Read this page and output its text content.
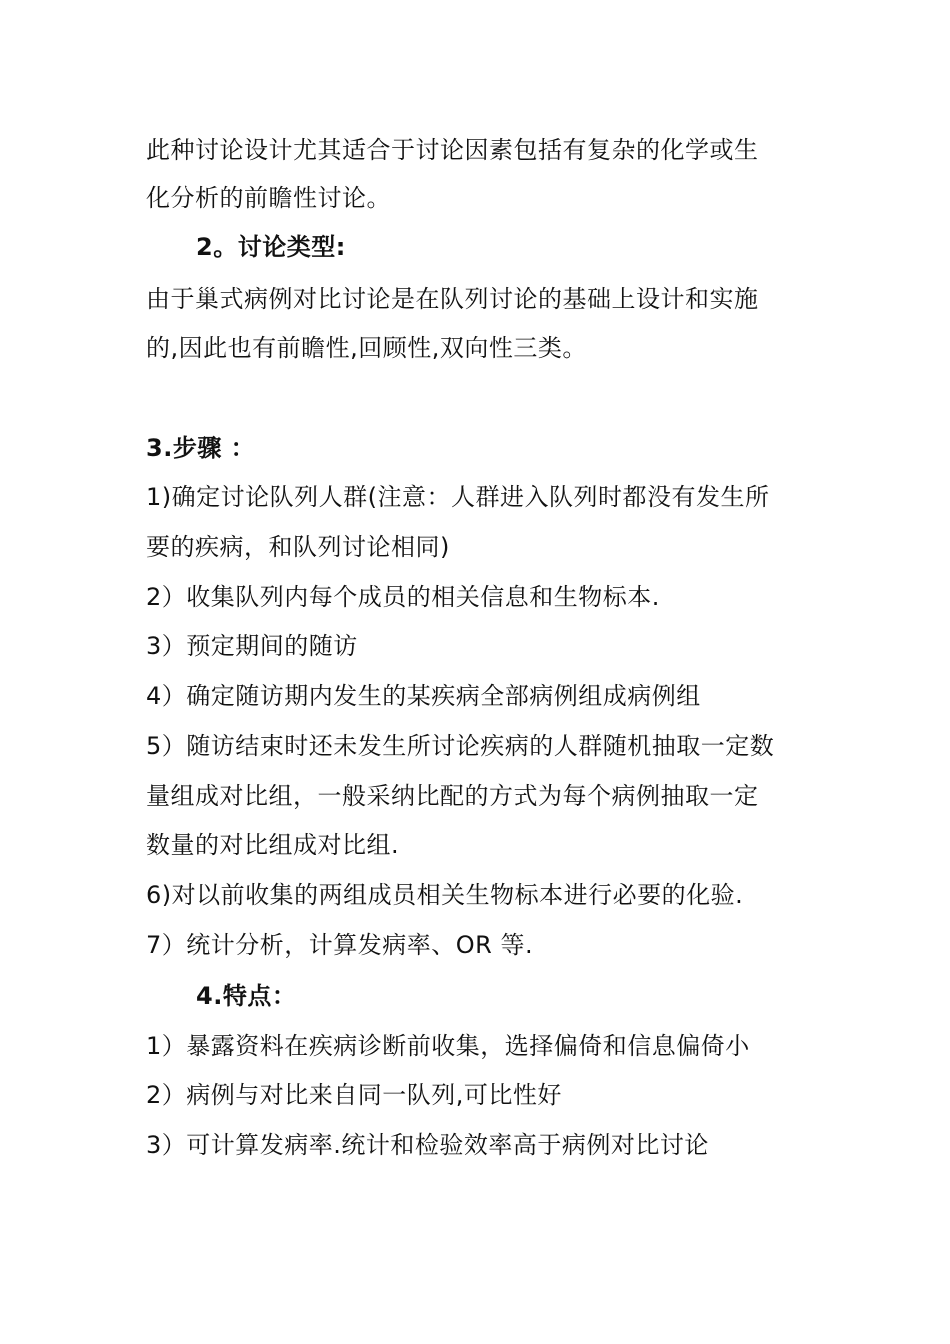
此种讨论设计尤其适合于讨论因素包括有复杂的化学或生
化分析的前瞻性讨论。
2。讨论类型:
由于巢式病例对比讨论是在队列讨论的基础上设计和实施
的,因此也有前瞻性,回顾性,双向性三类。
3.步骤 ：
1)确定讨论队列人群(注意：人群进入队列时都没有发生所
要的疾病，和队列讨论相同)
2）收集队列内每个成员的相关信息和生物标本.
3）预定期间的随访
4）确定随访期内发生的某疾病全部病例组成病例组
5）随访结束时还未发生所讨论疾病的人群随机抽取一定数
量组成对比组，一般采纳比配的方式为每个病例抽取一定
数量的对比组成对比组.
6)对以前收集的两组成员相关生物标本进行必要的化验.
7）统计分析，计算发病率、OR 等.
4.特点：
1）暴露资料在疾病诊断前收集，选择偏倚和信息偏倚小
2）病例与对比来自同一队列,可比性好
3）可计算发病率.统计和检验效率高于病例对比讨论
